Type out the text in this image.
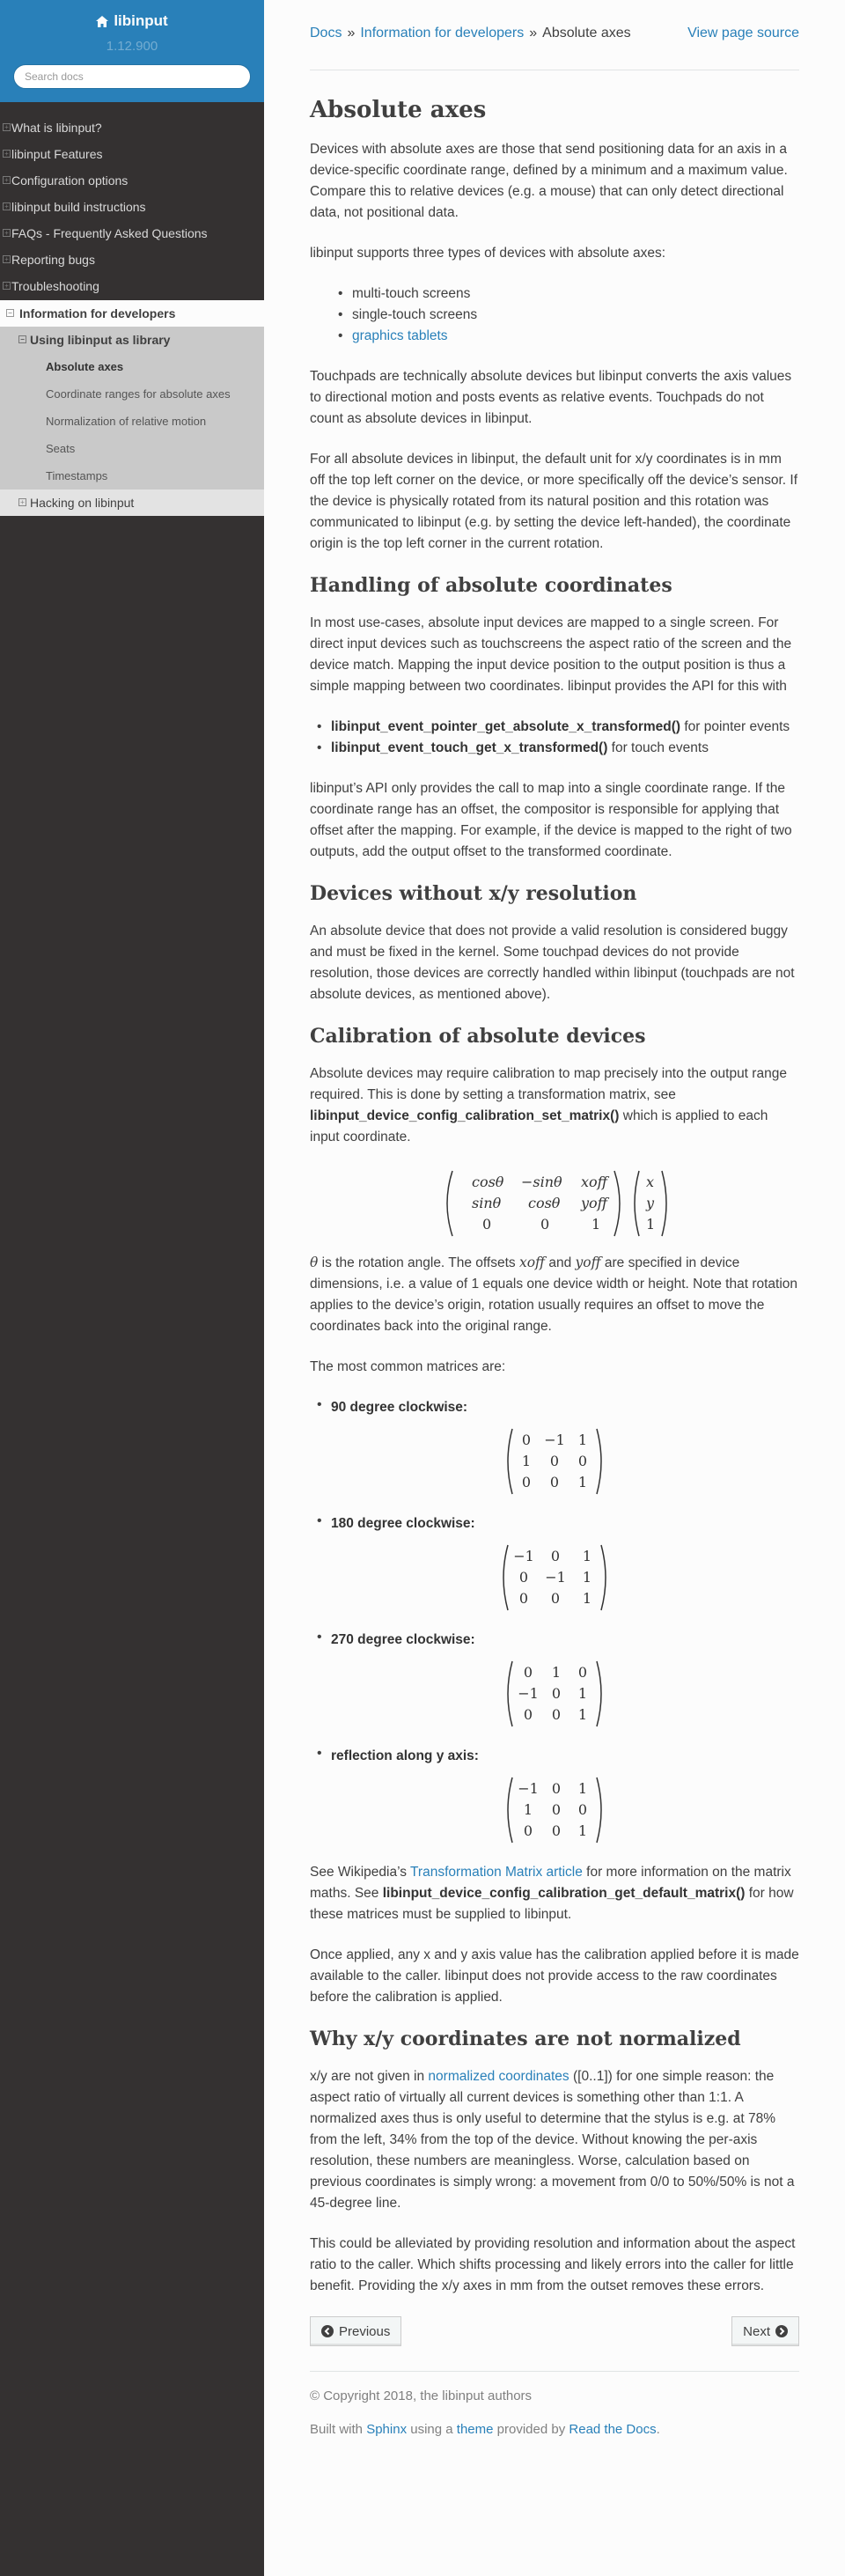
libinput
1.12.900
Search docs
+ What is libinput?
+ libinput Features
+ Configuration options
+ libinput build instructions
+ FAQs - Frequently Asked Questions
+ Reporting bugs
+ Troubleshooting
− Information for developers
− Using libinput as library
Absolute axes
Coordinate ranges for absolute axes
Normalization of relative motion
Seats
Timestamps
+ Hacking on libinput
Docs » Information for developers » Absolute axes	View page source
Absolute axes

Devices with absolute axes are those that send positioning data for an axis in a device-specific coordinate range, defined by a minimum and a maximum value. Compare this to relative devices (e.g. a mouse) that can only detect directional data, not positional data.

libinput supports three types of devices with absolute axes:

• multi-touch screens
• single-touch screens
• graphics tablets

Touchpads are technically absolute devices but libinput converts the axis values to directional motion and posts events as relative events. Touchpads do not count as absolute devices in libinput.

For all absolute devices in libinput, the default unit for x/y coordinates is in mm off the top left corner on the device, or more specifically off the device’s sensor. If the device is physically rotated from its natural position and this rotation was communicated to libinput (e.g. by setting the device left-handed), the coordinate origin is the top left corner in the current rotation.

Handling of absolute coordinates

In most use-cases, absolute input devices are mapped to a single screen. For direct input devices such as touchscreens the aspect ratio of the screen and the device match. Mapping the input device position to the output position is thus a simple mapping between two coordinates. libinput provides the API for this with

• libinput_event_pointer_get_absolute_x_transformed() for pointer events
• libinput_event_touch_get_x_transformed() for touch events

libinput’s API only provides the call to map into a single coordinate range. If the coordinate range has an offset, the compositor is responsible for applying that offset after the mapping. For example, if the device is mapped to the right of two outputs, add the output offset to the transformed coordinate.

Devices without x/y resolution

An absolute device that does not provide a valid resolution is considered buggy and must be fixed in the kernel. Some touchpad devices do not provide resolution, those devices are correctly handled within libinput (touchpads are not absolute devices, as mentioned above).

Calibration of absolute devices

Absolute devices may require calibration to map precisely into the output range required. This is done by setting a transformation matrix, see libinput_device_config_calibration_set_matrix() which is applied to each input coordinate.

cosθ −sinθ xoff
sinθ cosθ yoff
0	0	1
x
y
1

θ is the rotation angle. The offsets xoff and yoff are specified in device dimensions, i.e. a value of 1 equals one device width or height. Note that rotation applies to the device’s origin, rotation usually requires an offset to move the coordinates back into the original range.

The most common matrices are:

• 90 degree clockwise:
0 −1 1
1 0 0
0 0 1
• 180 degree clockwise:
−1 0 1
0 −1 1
0 0 1
• 270 degree clockwise:
0 1 0
−1 0 1
0 0 1
• reflection along y axis:
−1 0 1
1 0 0
0 0 1

See Wikipedia’s Transformation Matrix article for more information on the matrix maths. See libinput_device_config_calibration_get_default_matrix() for how these matrices must be supplied to libinput.

Once applied, any x and y axis value has the calibration applied before it is made available to the caller. libinput does not provide access to the raw coordinates before the calibration is applied.

Why x/y coordinates are not normalized

x/y are not given in normalized coordinates ([0..1]) for one simple reason: the aspect ratio of virtually all current devices is something other than 1:1. A normalized axes thus is only useful to determine that the stylus is e.g. at 78% from the left, 34% from the top of the device. Without knowing the per-axis resolution, these numbers are meaningless. Worse, calculation based on previous coordinates is simply wrong: a movement from 0/0 to 50%/50% is not a 45-degree line.

This could be alleviated by providing resolution and information about the aspect ratio to the caller. Which shifts processing and likely errors into the caller for little benefit. Providing the x/y axes in mm from the outset removes these errors.

Previous	Next

© Copyright 2018, the libinput authors

Built with Sphinx using a theme provided by Read the Docs.
